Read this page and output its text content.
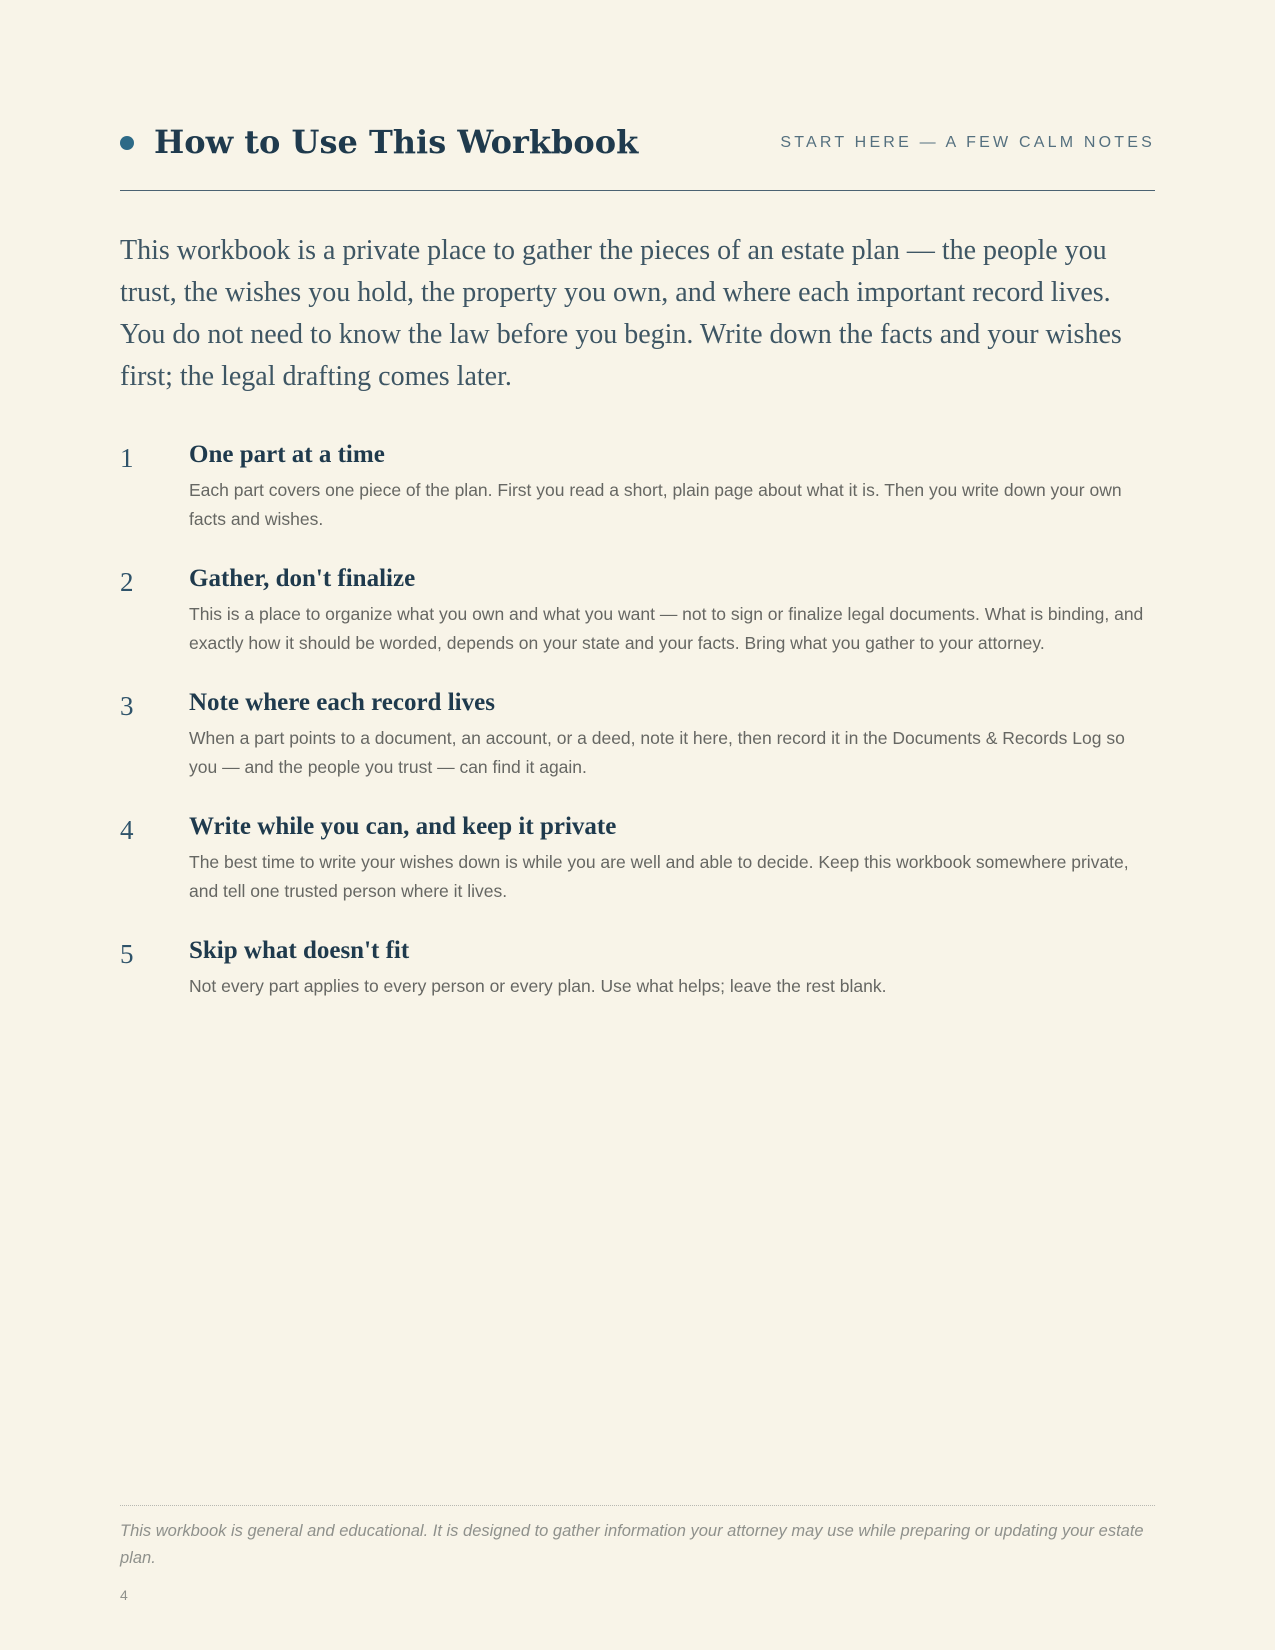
How to Use This Workbook	START HERE — A FEW CALM NOTES

This workbook is a private place to gather the pieces of an estate plan — the people you trust, the wishes you hold, the property you own, and where each important record lives. You do not need to know the law before you begin. Write down the facts and your wishes first; the legal drafting comes later.

1 One part at a time

Each part covers one piece of the plan. First you read a short, plain page about what it is. Then you write down your own facts and wishes.

2 Gather, don't finalize

This is a place to organize what you own and what you want — not to sign or finalize legal documents. What is binding, and exactly how it should be worded, depends on your state and your facts. Bring what you gather to your attorney.

3 Note where each record lives

When a part points to a document, an account, or a deed, note it here, then record it in the Documents & Records Log so you — and the people you trust — can find it again.

4 Write while you can, and keep it private

The best time to write your wishes down is while you are well and able to decide. Keep this workbook somewhere private, and tell one trusted person where it lives.

5 Skip what doesn't fit

Not every part applies to every person or every plan. Use what helps; leave the rest blank.

This workbook is general and educational. It is designed to gather information your attorney may use while preparing or updating your estate plan.

4
